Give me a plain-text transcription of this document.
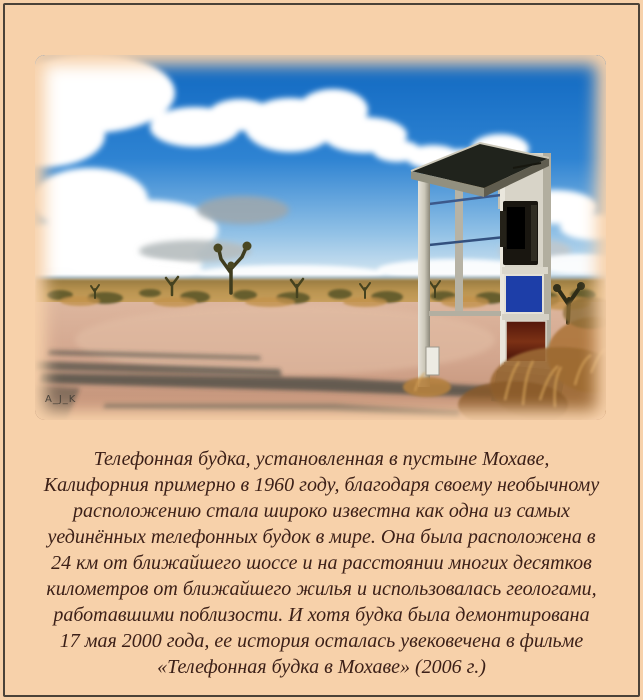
A_J_K

Телефонная будка, установленная в пустыне Мохаве,

Калифорния примерно в 1960 году, благодаря своему необычному

расположению стала широко известна как одна из самых

уединённых телефонных будок в мире. Она была расположена в

24 км от ближайшего шоссе и на расстоянии многих десятков

километров от ближайшего жилья и использовалась геологами,

работавшими поблизости. И хотя будка была демонтирована

17 мая 2000 года, ее история осталась увековечена в фильме

«Телефонная будка в Мохаве» (2006 г.)
